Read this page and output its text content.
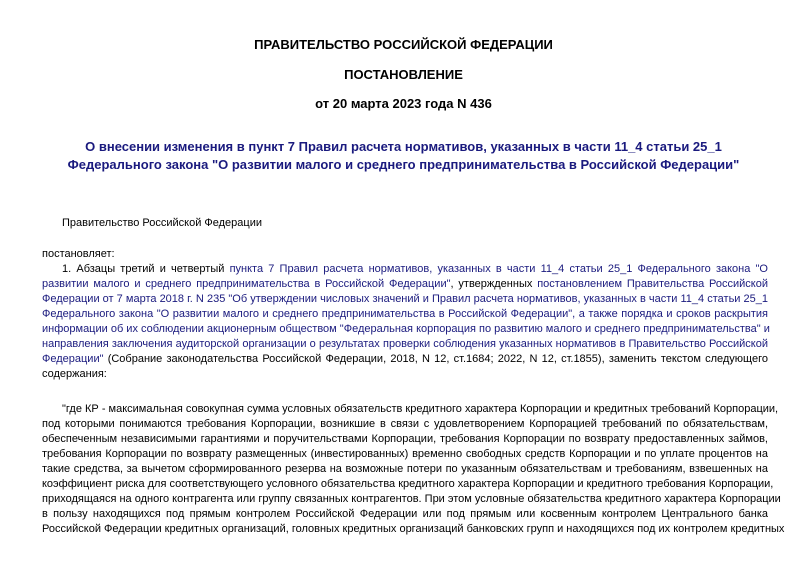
ПРАВИТЕЛЬСТВО РОССИЙСКОЙ ФЕДЕРАЦИИ
ПОСТАНОВЛЕНИЕ
от 20 марта 2023 года N 436
О внесении изменения в пункт 7 Правил расчета нормативов, указанных в части 11_4 статьи 25_1
Федерального закона "О развитии малого и среднего предпринимательства в Российской Федерации"
Правительство Российской Федерации
постановляет:
1. Абзацы третий и четвертый пункта 7 Правил расчета нормативов, указанных в части 11_4 статьи 25_1 Федерального закона "О
развитии малого и среднего предпринимательства в Российской Федерации", утвержденных постановлением Правительства Российской
Федерации от 7 марта 2018 г. N 235 "Об утверждении числовых значений и Правил расчета нормативов, указанных в части 11_4 статьи 25_1
Федерального закона "О развитии малого и среднего предпринимательства в Российской Федерации", а также порядка и сроков раскрытия
информации об их соблюдении акционерным обществом "Федеральная корпорация по развитию малого и среднего предпринимательства" и
направления заключения аудиторской организации о результатах проверки соблюдения указанных нормативов в Правительство Российской
Федерации" (Собрание законодательства Российской Федерации, 2018, N 12, ст.1684; 2022, N 12, ст.1855), заменить текстом следующего
содержания:
"где КР - максимальная совокупная сумма условных обязательств кредитного характера Корпорации и кредитных требований Корпорации,
под которыми понимаются требования Корпорации, возникшие в связи с удовлетворением Корпорацией требований по обязательствам,
обеспеченным независимыми гарантиями и поручительствами Корпорации, требования Корпорации по возврату предоставленных займов,
требования Корпорации по возврату размещенных (инвестированных) временно свободных средств Корпорации и по уплате процентов на
такие средства, за вычетом сформированного резерва на возможные потери по указанным обязательствам и требованиям, взвешенных на
коэффициент риска для соответствующего условного обязательства кредитного характера Корпорации и кредитного требования Корпорации,
приходящаяся на одного контрагента или группу связанных контрагентов. При этом условные обязательства кредитного характера Корпорации
в пользу находящихся под прямым контролем Российской Федерации или под прямым или косвенным контролем Центрального банка
Российской Федерации кредитных организаций, головных кредитных организаций банковских групп и находящихся под их контролем кредитных
